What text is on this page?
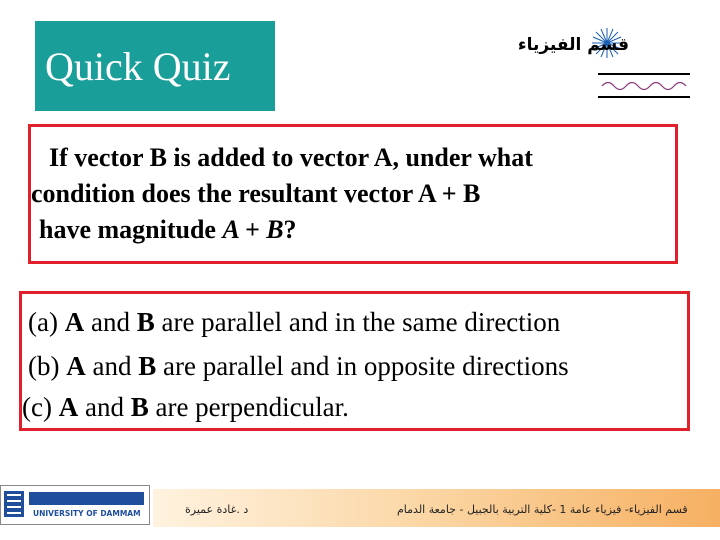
Quick Quiz	قسم الفيزياء
If vector B is added to vector A, under what
condition does the resultant vector A + B
have magnitude A + B?
(a) A and B are parallel and in the same direction
(b) A and B are parallel and in opposite directions
(c) A and B are perpendicular.
UNIVERSITY OF DAMMAM	د .غادة عميرة	قسم الفيزياء- فيزياء عامة 1 -كلية التربية بالجبيل - جامعة الدمام
